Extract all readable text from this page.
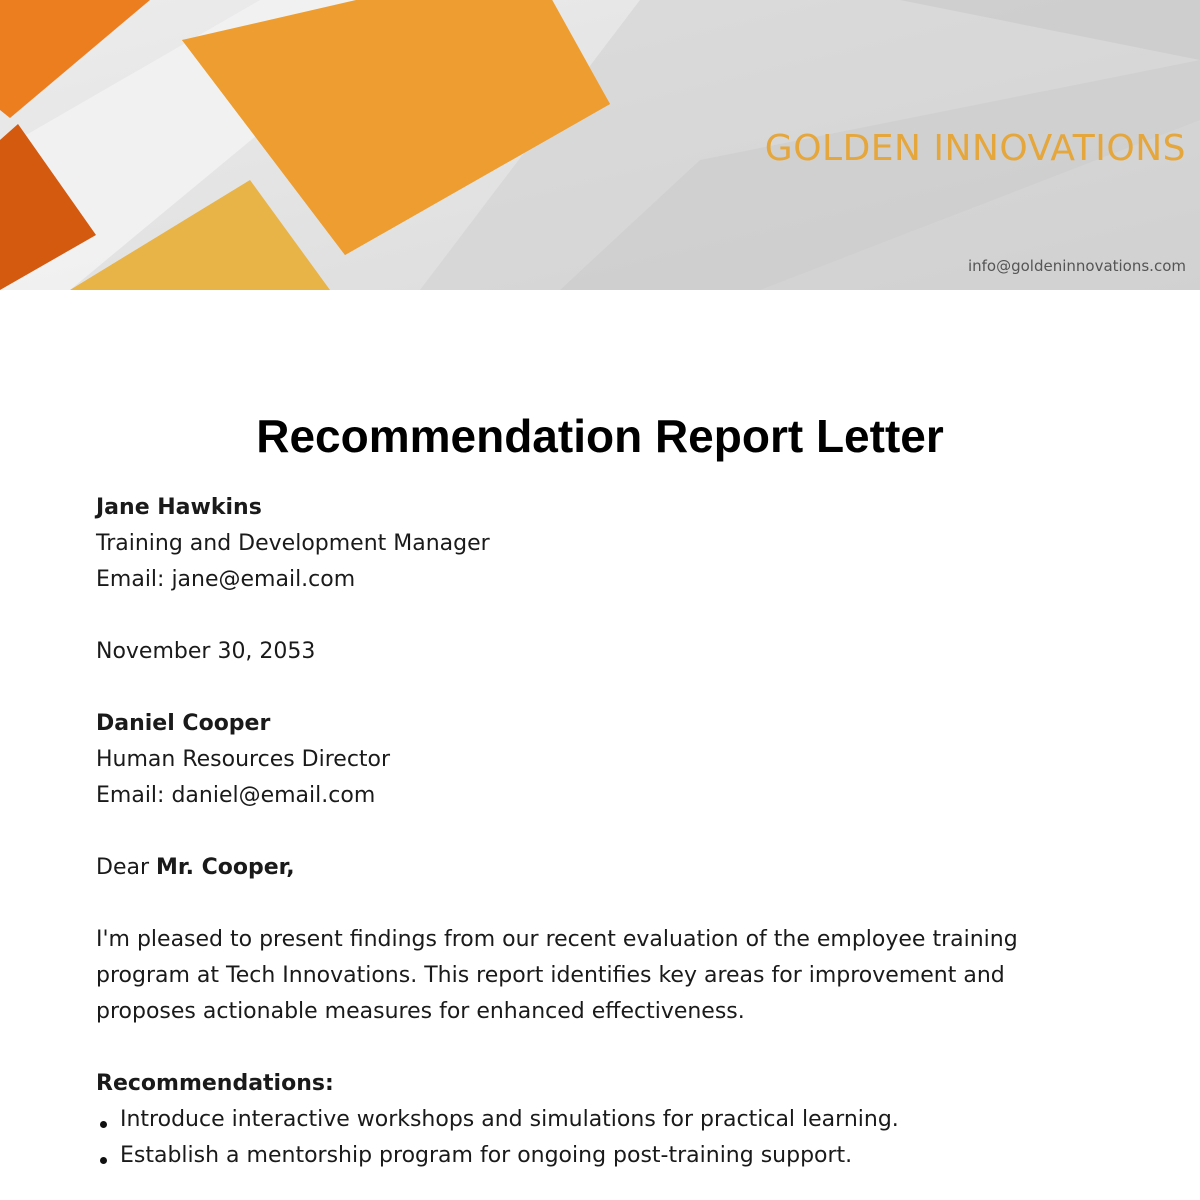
GOLDEN INNOVATIONS
info@goldeninnovations.com
Recommendation Report Letter

Jane Hawkins

Training and Development Manager

Email: jane@email.com

November 30, 2053

Daniel Cooper

Human Resources Director

Email: daniel@email.com

Dear Mr. Cooper,

I'm pleased to present findings from our recent evaluation of the employee training

program at Tech Innovations. This report identifies key areas for improvement and

proposes actionable measures for enhanced effectiveness.

Recommendations:

Introduce interactive workshops and simulations for practical learning.
Establish a mentorship program for ongoing post-training support.
